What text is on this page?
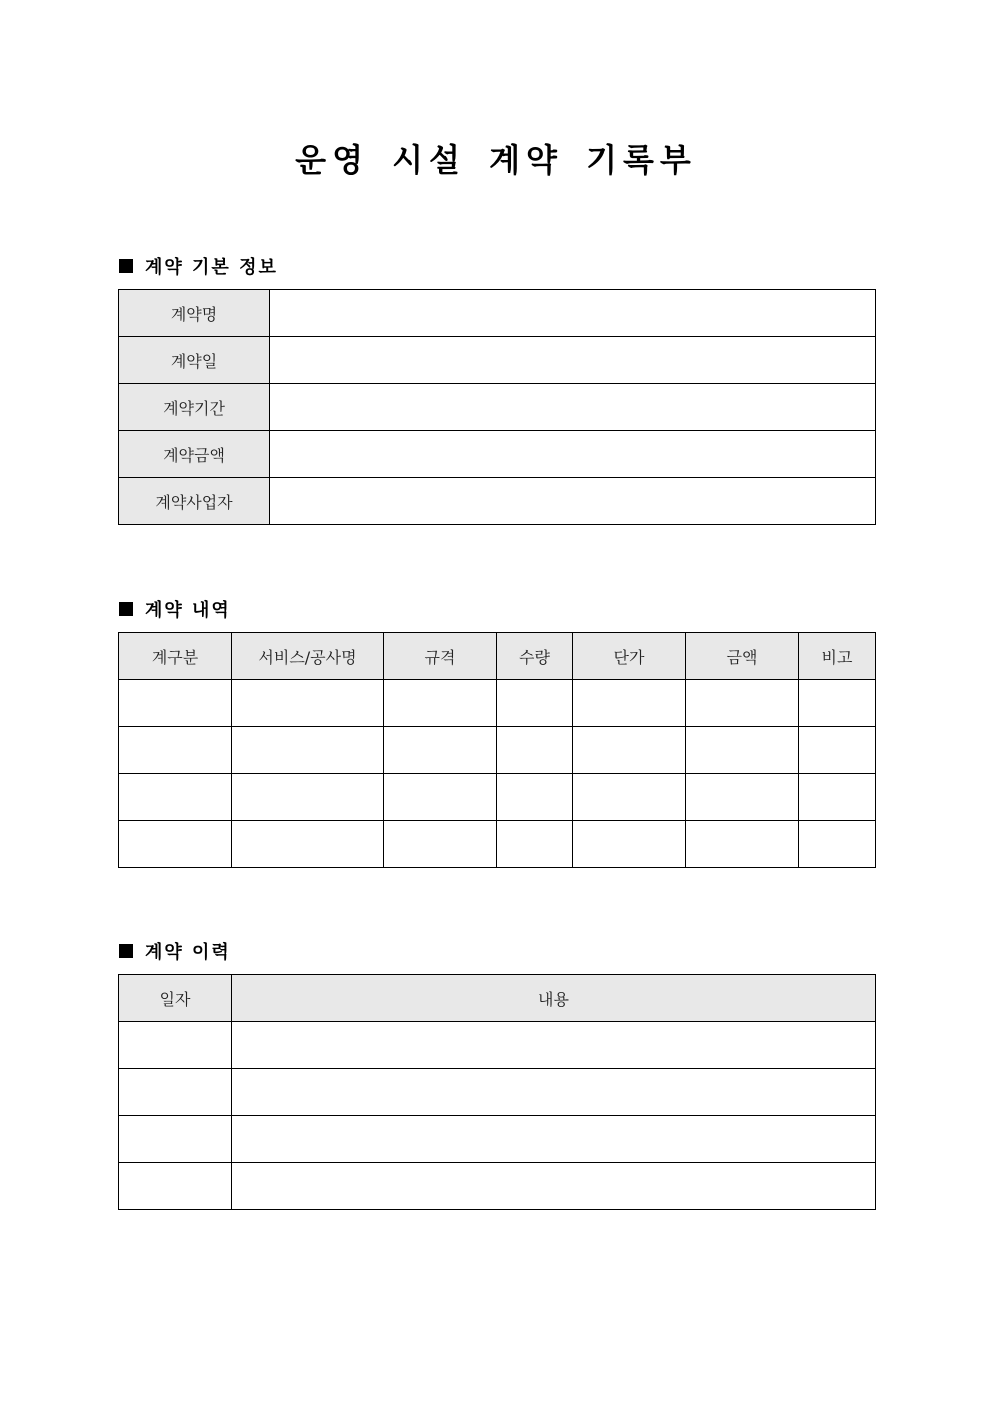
운영 시설 계약 기록부
계약 기본 정보
계약명	
계약일	
계약기간	
계약금액	
계약사업자	
계약 내역
계구분	서비스/공사명	규격	수량	단가	금액	비고

계약 이력
일자	내용
